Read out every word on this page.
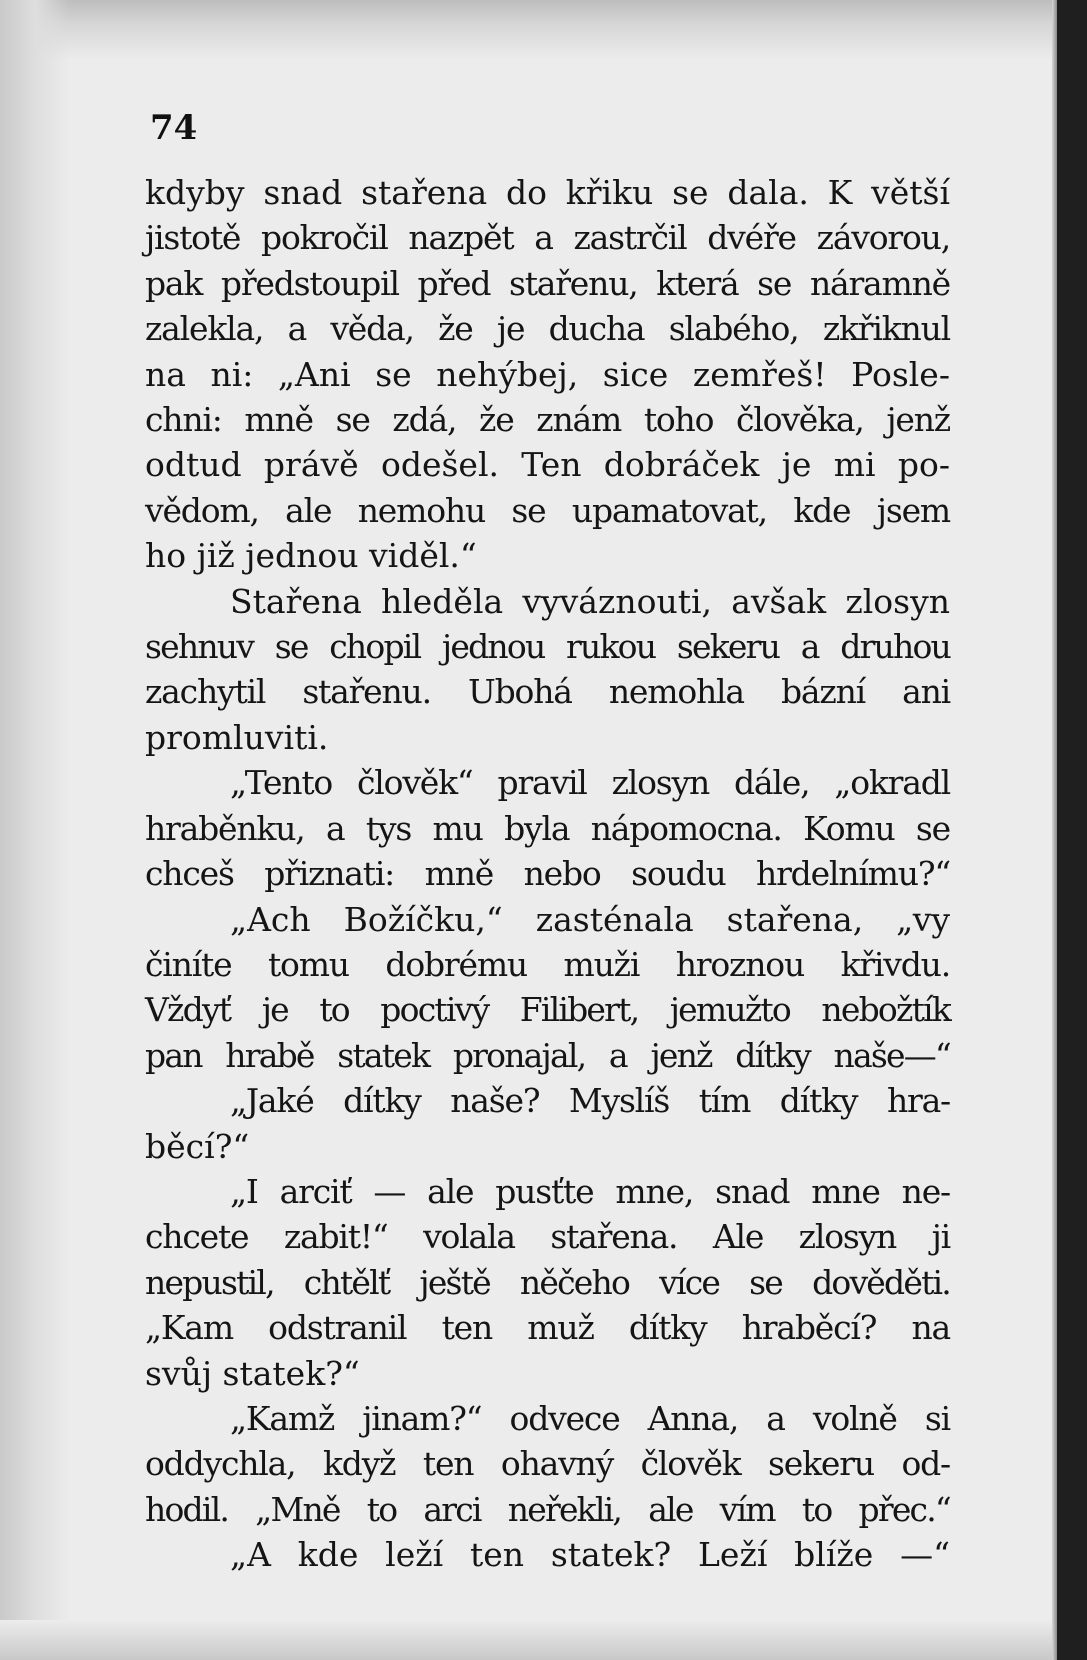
74
kdyby snad stařena do křiku se dala. K větší
jistotě pokročil nazpět a zastrčil dvéře závorou,
pak předstoupil před stařenu, která se náramně
zalekla, a věda, že je ducha slabého, zkřiknul
na ni: „Ani se nehýbej, sice zemřeš! Posle-
chni: mně se zdá, že znám toho člověka, jenž
odtud právě odešel. Ten dobráček je mi po-
vědom, ale nemohu se upamatovat, kde jsem
ho již jednou viděl.“
Stařena hleděla vyváznouti, avšak zlosyn
sehnuv se chopil jednou rukou sekeru a druhou
zachytil stařenu. Ubohá nemohla bázní ani
promluviti.
„Tento člověk“ pravil zlosyn dále, „okradl
hraběnku, a tys mu byla nápomocna. Komu se
chceš přiznati: mně nebo soudu hrdelnímu?“
„Ach Božíčku,“ zasténala stařena, „vy
činíte tomu dobrému muži hroznou křivdu.
Vždyť je to poctivý Filibert, jemužto nebožtík
pan hrabě statek pronajal, a jenž dítky naše—“
„Jaké dítky naše? Myslíš tím dítky hra-
běcí?“
„I arciť — ale pusťte mne, snad mne ne-
chcete zabit!“ volala stařena. Ale zlosyn ji
nepustil, chtělť ještě něčeho více se dověděti.
„Kam odstranil ten muž dítky hraběcí? na
svůj statek?“
„Kamž jinam?“ odvece Anna, a volně si
oddychla, když ten ohavný člověk sekeru od-
hodil. „Mně to arci neřekli, ale vím to přec.“
„A kde leží ten statek? Leží blíže —“
